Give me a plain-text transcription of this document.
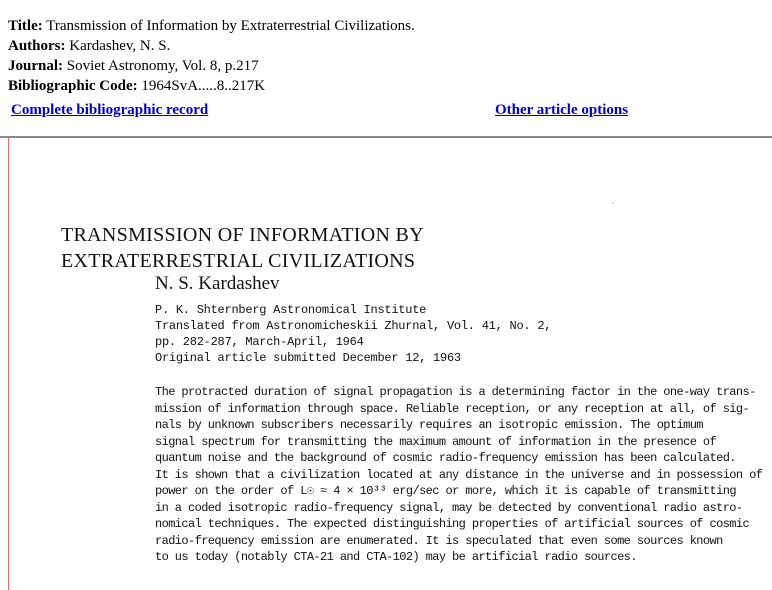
Title: Transmission of Information by Extraterrestrial Civilizations.
Authors: Kardashev, N. S.
Journal: Soviet Astronomy, Vol. 8, p.217
Bibliographic Code: 1964SvA.....8..217K
Complete bibliographic record	Other article options
TRANSMISSION OF INFORMATION BY
EXTRATERRESTRIAL CIVILIZATIONS
N. S. Kardashev
P. K. Shternberg Astronomical Institute
Translated from Astronomicheskii Zhurnal, Vol. 41, No. 2,
pp. 282-287, March-April, 1964
Original article submitted December 12, 1963
The protracted duration of signal propagation is a determining factor in the one-way trans-
mission of information through space. Reliable reception, or any reception at all, of sig-
nals by unknown subscribers necessarily requires an isotropic emission. The optimum
signal spectrum for transmitting the maximum amount of information in the presence of
quantum noise and the background of cosmic radio-frequency emission has been calculated.
It is shown that a civilization located at any distance in the universe and in possession of
power on the order of L☉ ≈ 4 × 10³³ erg/sec or more, which it is capable of transmitting
in a coded isotropic radio-frequency signal, may be detected by conventional radio astro-
nomical techniques. The expected distinguishing properties of artificial sources of cosmic
radio-frequency emission are enumerated. It is speculated that even some sources known
to us today (notably CTA-21 and CTA-102) may be artificial radio sources.
